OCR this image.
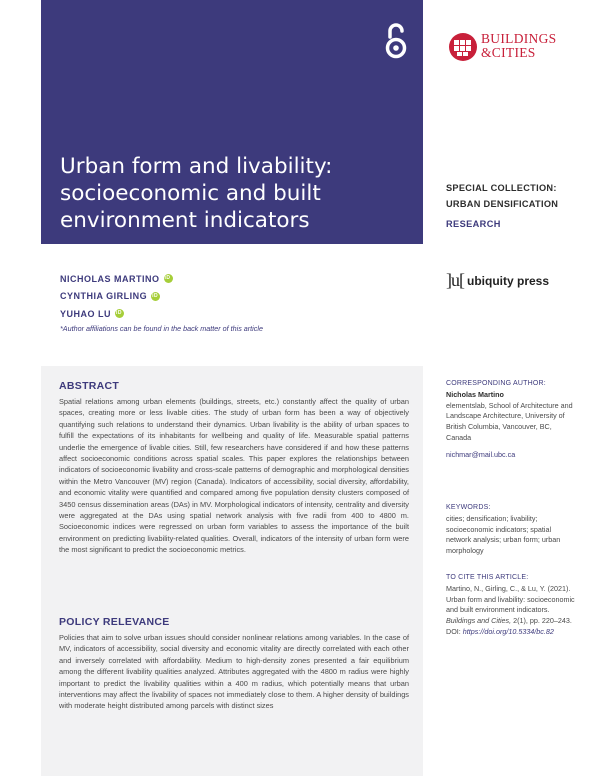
Urban form and livability:
socioeconomic and built
environment indicators
BUILDINGS
&CITIES
SPECIAL COLLECTION:
URBAN DENSIFICATION
RESEARCH
NICHOLAS MARTINO
iD
CYNTHIA GIRLING
iD
YUHAO LU
iD
*Author affiliations can be found in the back matter of this article
]u[ ubiquity press
ABSTRACT

Spatial relations among urban elements (buildings, streets, etc.) constantly affect the quality of urban spaces, creating more or less livable cities. The study of urban form has been a way of objectively quantifying such relations to understand their dynamics. Urban livability is the ability of urban spaces to fulfill the expectations of its inhabitants for wellbeing and quality of life. Measurable spatial patterns underlie the emergence of livable cities. Still, few researchers have considered if and how these patterns affect socioeconomic conditions across spatial scales. This paper explores the relationships between indicators of socioeconomic livability and cross-scale patterns of demographic and morphological densities within the Metro Vancouver (MV) region (Canada). Indicators of accessibility, social diversity, affordability, and economic vitality were quantified and compared among five population density clusters composed of 3450 census dissemination areas (DAs) in MV. Morphological indicators of intensity, centrality and diversity were aggregated at the DAs using spatial network analysis with five radii from 400 to 4800 m. Socioeconomic indices were regressed on urban form variables to assess the importance of the built environment on predicting livability-related qualities. Overall, indicators of the intensity of urban form were the most significant to predict the socioeconomic metrics.

POLICY RELEVANCE

Policies that aim to solve urban issues should consider nonlinear relations among variables. In the case of MV, indicators of accessibility, social diversity and economic vitality are directly correlated with each other and inversely correlated with affordability. Medium to high-density zones presented a fair equilibrium among the different livability qualities analyzed. Attributes aggregated with the 4800 m radius were highly important to predict the livability qualities within a 400 m radius, which potentially means that urban interventions may affect the livability of spaces not immediately close to them. A higher density of buildings with moderate height distributed among parcels with distinct sizes

CORRESPONDING AUTHOR:
Nicholas Martino
elementslab, School of Architecture and Landscape Architecture, University of British Columbia, Vancouver, BC, Canada
nichmar@mail.ubc.ca
KEYWORDS:
cities; densification; livability; socioeconomic indicators; spatial network analysis; urban form; urban morphology
TO CITE THIS ARTICLE:
Martino, N., Girling, C., & Lu, Y. (2021). Urban form and livability: socioeconomic and built environment indicators. Buildings and Cities, 2(1), pp. 220–243. DOI: https://doi.org/10.5334/bc.82
